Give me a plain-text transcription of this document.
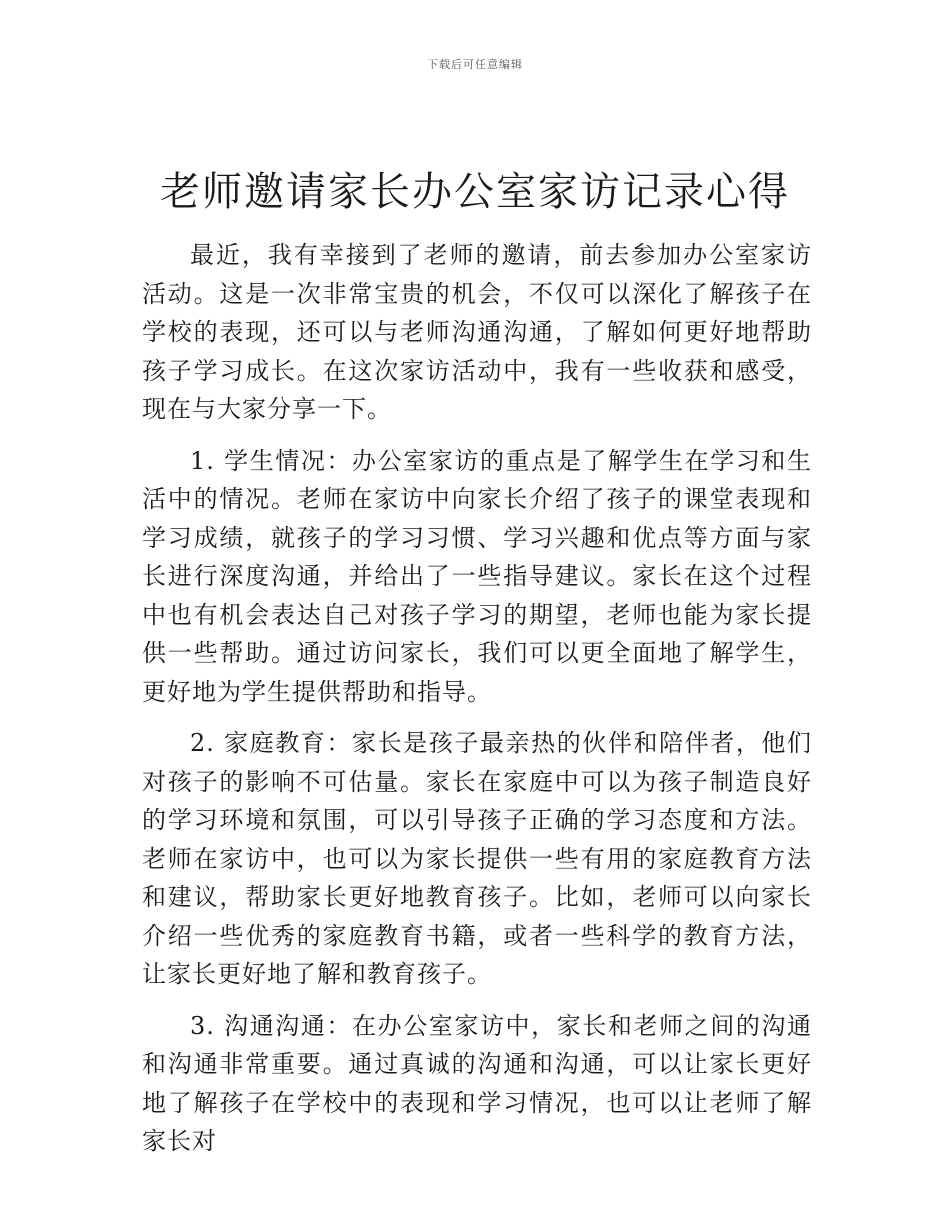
下载后可任意编辑
老师邀请家长办公室家访记录心得

最近，我有幸接到了老师的邀请，前去参加办公室家访活动。这是一次非常宝贵的机会，不仅可以深化了解孩子在学校的表现，还可以与老师沟通沟通，了解如何更好地帮助孩子学习成长。在这次家访活动中，我有一些收获和感受，现在与大家分享一下。

1. 学生情况：办公室家访的重点是了解学生在学习和生活中的情况。老师在家访中向家长介绍了孩子的课堂表现和学习成绩，就孩子的学习习惯、学习兴趣和优点等方面与家长进行深度沟通，并给出了一些指导建议。家长在这个过程中也有机会表达自己对孩子学习的期望，老师也能为家长提供一些帮助。通过访问家长，我们可以更全面地了解学生，更好地为学生提供帮助和指导。

2. 家庭教育：家长是孩子最亲热的伙伴和陪伴者，他们对孩子的影响不可估量。家长在家庭中可以为孩子制造良好的学习环境和氛围，可以引导孩子正确的学习态度和方法。老师在家访中，也可以为家长提供一些有用的家庭教育方法和建议，帮助家长更好地教育孩子。比如，老师可以向家长介绍一些优秀的家庭教育书籍，或者一些科学的教育方法，让家长更好地了解和教育孩子。

3. 沟通沟通：在办公室家访中，家长和老师之间的沟通和沟通非常重要。通过真诚的沟通和沟通，可以让家长更好地了解孩子在学校中的表现和学习情况，也可以让老师了解家长对
